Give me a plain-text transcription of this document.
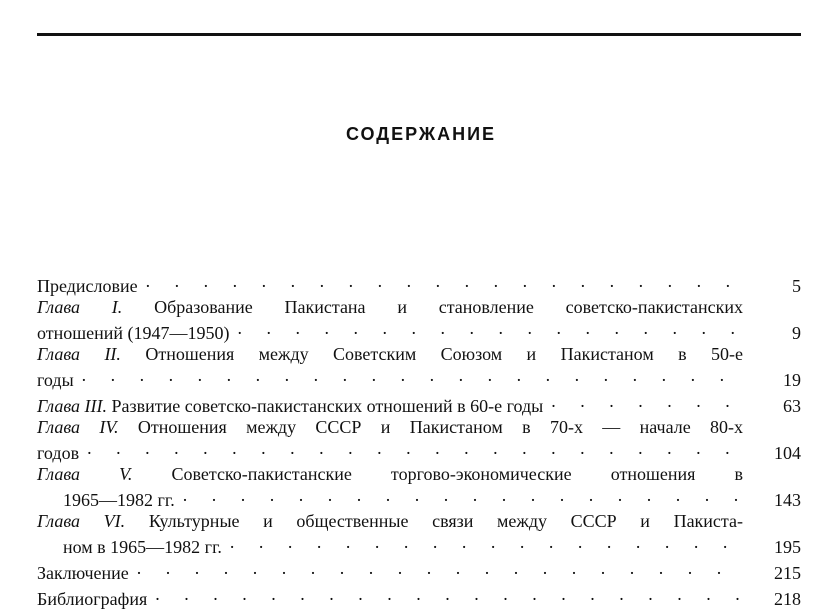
СОДЕРЖАНИЕ
Предисловие . . .	5
Глава I. Образование Пакистана и становление советско-пакистанских
отношений (1947—1950) . . .	9
Глава II. Отношения между Советским Союзом и Пакистаном в 50-е
годы . . .	19
Глава III. Развитие советско-пакистанских отношений в 60-е годы . . .	63
Глава IV. Отношения между СССР и Пакистаном в 70-х — начале 80-х
годов . . .	104
Глава V. Советско-пакистанские торгово-экономические отношения в
1965—1982 гг. . . .	143
Глава VI. Культурные и общественные связи между СССР и Пакиста-
ном в 1965—1982 гг. . . .	195
Заключение . . .	215
Библиография . . .	218
